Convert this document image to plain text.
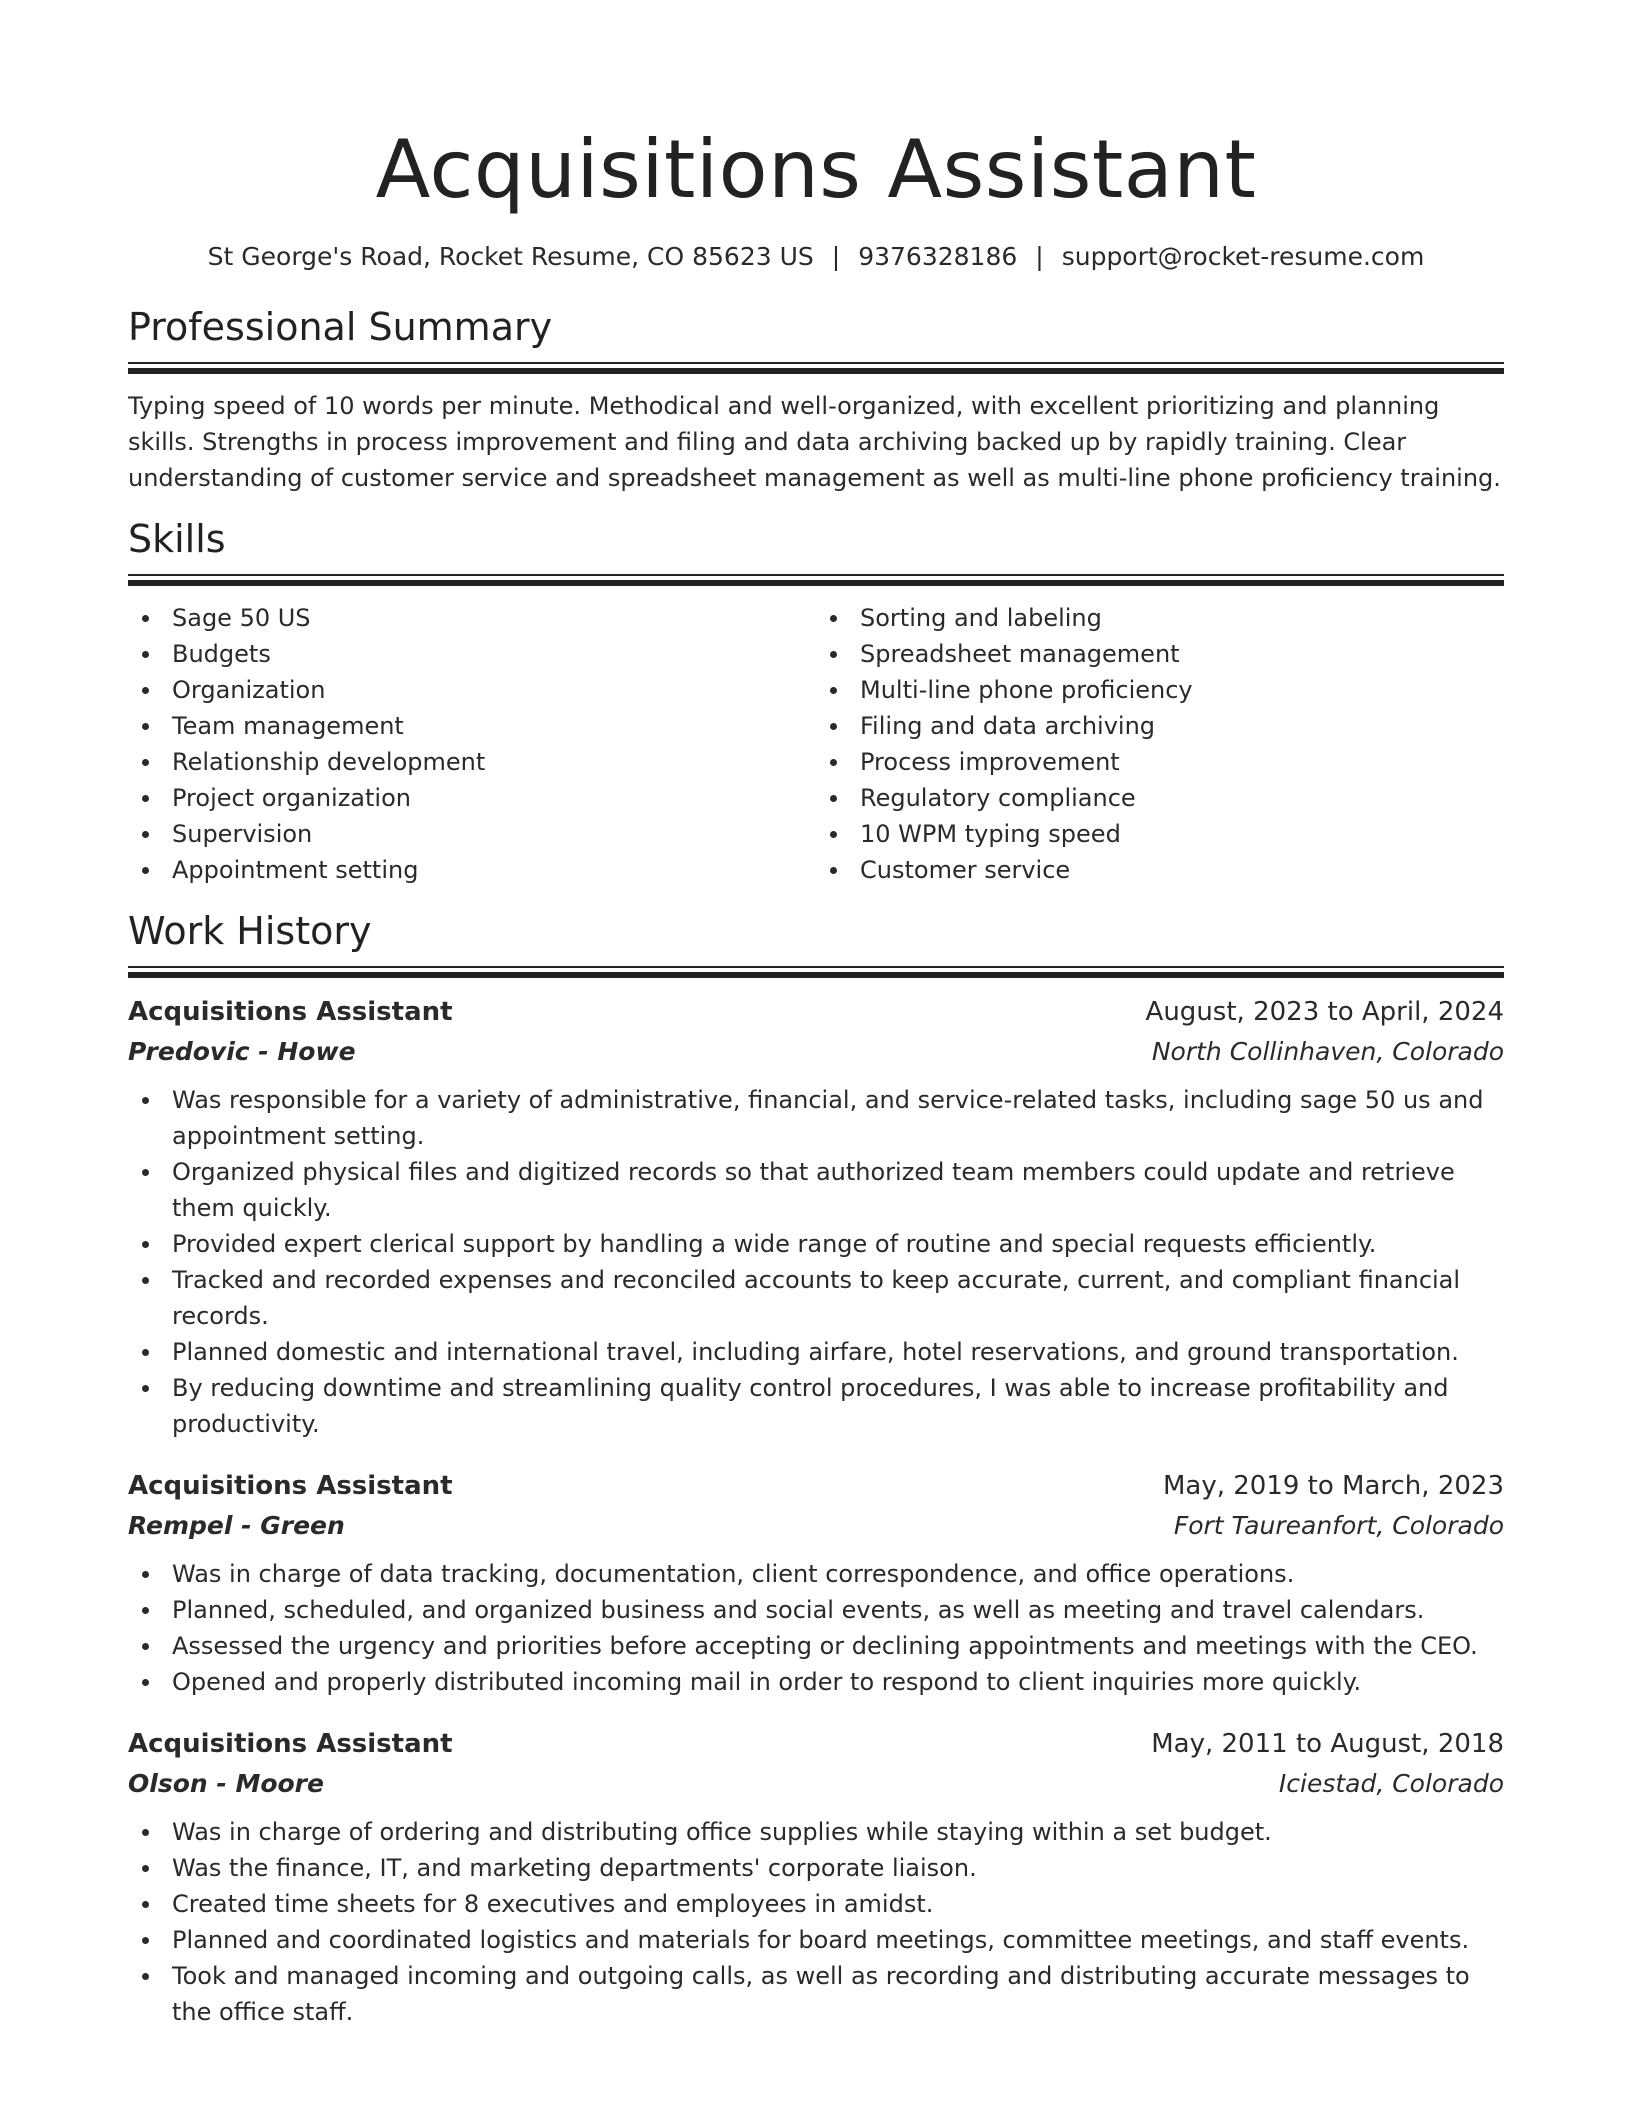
Acquisitions Assistant
St George's Road, Rocket Resume, CO 85623 US | 9376328186 | support@rocket-resume.com
Professional Summary
Typing speed of 10 words per minute. Methodical and well-organized, with excellent prioritizing and planning skills. Strengths in process improvement and filing and data archiving backed up by rapidly training. Clear understanding of customer service and spreadsheet management as well as multi-line phone proficiency training.
Skills
Sage 50 US
Budgets
Organization
Team management
Relationship development
Project organization
Supervision
Appointment setting
Sorting and labeling
Spreadsheet management
Multi-line phone proficiency
Filing and data archiving
Process improvement
Regulatory compliance
10 WPM typing speed
Customer service
Work History
Acquisitions Assistant	August, 2023 to April, 2024
Predovic - Howe	North Collinhaven, Colorado
Was responsible for a variety of administrative, financial, and service-related tasks, including sage 50 us and appointment setting.
Organized physical files and digitized records so that authorized team members could update and retrieve them quickly.
Provided expert clerical support by handling a wide range of routine and special requests efficiently.
Tracked and recorded expenses and reconciled accounts to keep accurate, current, and compliant financial records.
Planned domestic and international travel, including airfare, hotel reservations, and ground transportation.
By reducing downtime and streamlining quality control procedures, I was able to increase profitability and productivity.
Acquisitions Assistant	May, 2019 to March, 2023
Rempel - Green	Fort Taureanfort, Colorado
Was in charge of data tracking, documentation, client correspondence, and office operations.
Planned, scheduled, and organized business and social events, as well as meeting and travel calendars.
Assessed the urgency and priorities before accepting or declining appointments and meetings with the CEO.
Opened and properly distributed incoming mail in order to respond to client inquiries more quickly.
Acquisitions Assistant	May, 2011 to August, 2018
Olson - Moore	Iciestad, Colorado
Was in charge of ordering and distributing office supplies while staying within a set budget.
Was the finance, IT, and marketing departments' corporate liaison.
Created time sheets for 8 executives and employees in amidst.
Planned and coordinated logistics and materials for board meetings, committee meetings, and staff events.
Took and managed incoming and outgoing calls, as well as recording and distributing accurate messages to the office staff.
